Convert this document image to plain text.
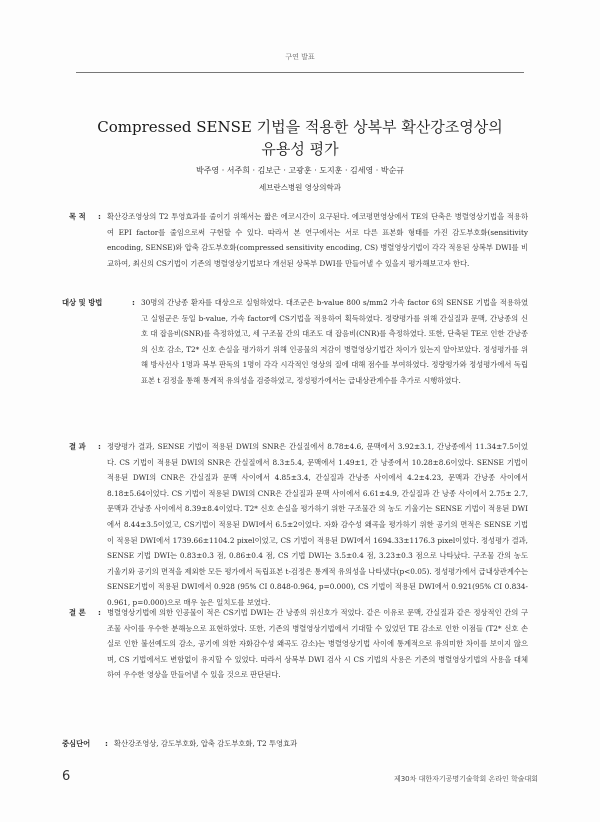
구연 발표
Compressed SENSE 기법을 적용한 상복부 확산강조영상의
유용성 평가
박주영 · 서주희 · 김보근 · 고광훈 · 도지훈 · 김세영 · 박순규
세브란스병원 영상의학과
목 적 : 확산강조영상의 T2 투영효과를 줄이기 위해서는 짧은 에코시간이 요구된다. 에코평면영상에서 TE의 단축은 병렬영상기법을 적용하여 EPI factor를 줄임으로써 구현할 수 있다. 따라서 본 연구에서는 서로 다른 표본화 형태를 가진 감도부호화(sensitivity encoding, SENSE)와 압축 감도부호화(compressed sensitivity encoding, CS) 병렬영상기법이 각각 적용된 상복부 DWI를 비교하여, 최신의 CS기법이 기존의 병렬영상기법보다 개선된 상복부 DWI를 만들어낼 수 있을지 평가해보고자 한다.
대상 및 방법	: 30명의 간낭종 환자를 대상으로 실험하였다. 대조군은 b-value 800 s/mm2 가속 factor 6의 SENSE 기법을 적용하였고 실험군은 동일 b-value, 가속 factor에 CS기법을 적용하여 획득하였다. 정량평가를 위해 간실질과 문맥, 간낭종의 신호 대 잡음비(SNR)를 측정하였고, 세 구조물 간의 대조도 대 잡음비(CNR)를 측정하였다. 또한, 단축된 TE로 인한 간낭종의 신호 감소, T2* 신호 손실을 평가하기 위해 인공물의 저감이 병렬영상기법간 차이가 있는지 알아보았다. 정성평가를 위해 방사선사 1명과 복부 판독의 1명이 각각 시각적인 영상의 질에 대해 점수를 부여하였다. 정량평가와 정성평가에서 독립표본 t 검정을 통해 통계적 유의성을 검증하였고, 정성평가에서는 급내상관계수를 추가로 시행하였다.
결 과 : 정량평가 결과, SENSE 기법이 적용된 DWI의 SNR은 간실질에서 8.78±4.6, 문맥에서 3.92±3.1, 간낭종에서 11.34±7.5이었다. CS 기법이 적용된 DWI의 SNR은 간실질에서 8.3±5.4, 문맥에서 1.49±1, 간 낭종에서 10.28±8.6이었다. SENSE 기법이 적용된 DWI의 CNR은 간실질과 문맥 사이에서 4.85±3.4, 간실질과 간낭종 사이에서 4.2±4.23, 문맥과 간낭종 사이에서 8.18±5.64이었다. CS 기법이 적용된 DWI의 CNR은 간실질과 문맥 사이에서 6.61±4.9, 간실질과 간 낭종 사이에서 2.75± 2.7, 문맥과 간낭종 사이에서 8.39±8.4이었다. T2* 신호 손실을 평가하기 위한 구조물간 의 농도 기울기는 SENSE 기법이 적용된 DWI에서 8.44±3.5이었고, CS기법이 적용된 DWI에서 6.5±2이었다. 자화 감수성 왜곡을 평가하기 위한 공기의 면적은 SENSE 기법이 적용된 DWI에서 1739.66±1104.2 pixel이었고, CS 기법이 적용된 DWI에서 1694.33±1176.3 pixel이었다. 정성평가 결과, SENSE 기법 DWI는 0.83±0.3 점, 0.86±0.4 점, CS 기법 DWI는 3.5±0.4 점, 3.23±0.3 점으로 나타났다. 구조물 간의 농도 기울기와 공기의 면적을 제외한 모든 평가에서 독립표본 t-검정은 통계적 유의성을 나타냈다(p<0.05). 정성평가에서 급내상관계수는 SENSE기법이 적용된 DWI에서 0.928 (95% CI 0.848-0.964, p=0.000), CS 기법이 적용된 DWI에서 0.921(95% CI 0.834-0.961, p=0.000)으로 매우 높은 일치도를 보였다.
결 론 : 병렬영상기법에 의한 인공물이 적은 CS기법 DWI는 간 낭종의 위신호가 적었다. 같은 이유로 문맥, 간실질과 같은 정상적인 간의 구조물 사이를 우수한 분해능으로 표현하였다. 또한, 기존의 병렬영상기법에서 기대할 수 있었던 TE 감소로 인한 이점들 (T2* 신호 손실로 인한 불선예도의 감소, 공기에 의한 자화감수성 왜곡도 감소)는 병렬영상기법 사이에 통계적으로 유의미한 차이를 보이지 않으며, CS 기법에서도 변함없이 유지할 수 있었다. 따라서 상복부 DWI 검사 시 CS 기법의 사용은 기존의 병렬영상기법의 사용을 대체하여 우수한 영상을 만들어낼 수 있을 것으로 판단된다.
중심단어 : 확산강조영상, 감도부호화, 압축 감도부호화, T2 투영효과
6	제30차 대한자기공명기술학회 온라인 학술대회
